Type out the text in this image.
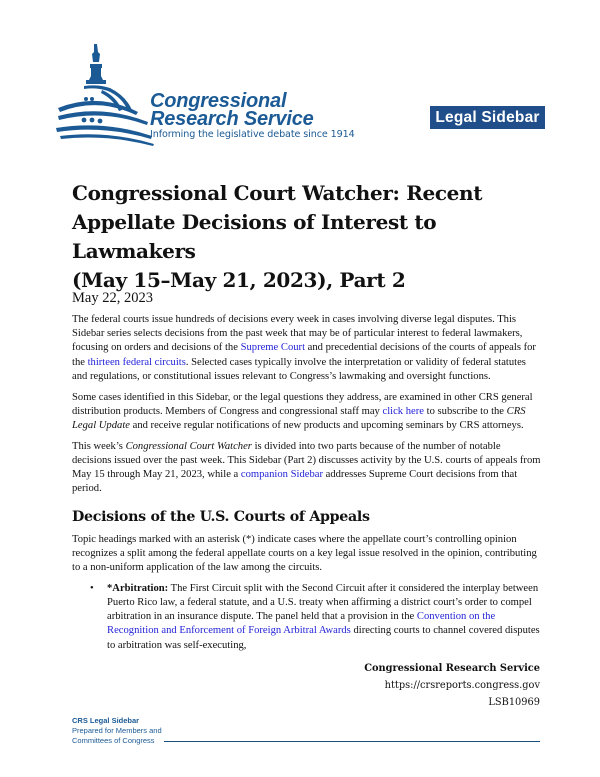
Congressional
Research Service
Informing the legislative debate since 1914
Legal Sidebar
Congressional Court Watcher: Recent
Appellate Decisions of Interest to Lawmakers
(May 15–May 21, 2023), Part 2

May 22, 2023

The federal courts issue hundreds of decisions every week in cases involving diverse legal disputes. This Sidebar series selects decisions from the past week that may be of particular interest to federal lawmakers, focusing on orders and decisions of the Supreme Court and precedential decisions of the courts of appeals for the thirteen federal circuits. Selected cases typically involve the interpretation or validity of federal statutes and regulations, or constitutional issues relevant to Congress’s lawmaking and oversight functions.

Some cases identified in this Sidebar, or the legal questions they address, are examined in other CRS general distribution products. Members of Congress and congressional staff may click here to subscribe to the CRS Legal Update and receive regular notifications of new products and upcoming seminars by CRS attorneys.

This week’s Congressional Court Watcher is divided into two parts because of the number of notable decisions issued over the past week. This Sidebar (Part 2) discusses activity by the U.S. courts of appeals from May 15 through May 21, 2023, while a companion Sidebar addresses Supreme Court decisions from that period.

Decisions of the U.S. Courts of Appeals

Topic headings marked with an asterisk (*) indicate cases where the appellate court’s controlling opinion recognizes a split among the federal appellate courts on a key legal issue resolved in the opinion, contributing to a non-uniform application of the law among the circuits.

• *Arbitration: The First Circuit split with the Second Circuit after it considered the interplay between Puerto Rico law, a federal statute, and a U.S. treaty when affirming a district court’s order to compel arbitration in an insurance dispute. The panel held that a provision in the Convention on the Recognition and Enforcement of Foreign Arbitral Awards directing courts to channel covered disputes to arbitration was self-executing,
Congressional Research Service
https://crsreports.congress.gov
LSB10969
CRS Legal Sidebar
Prepared for Members and
Committees of Congress
